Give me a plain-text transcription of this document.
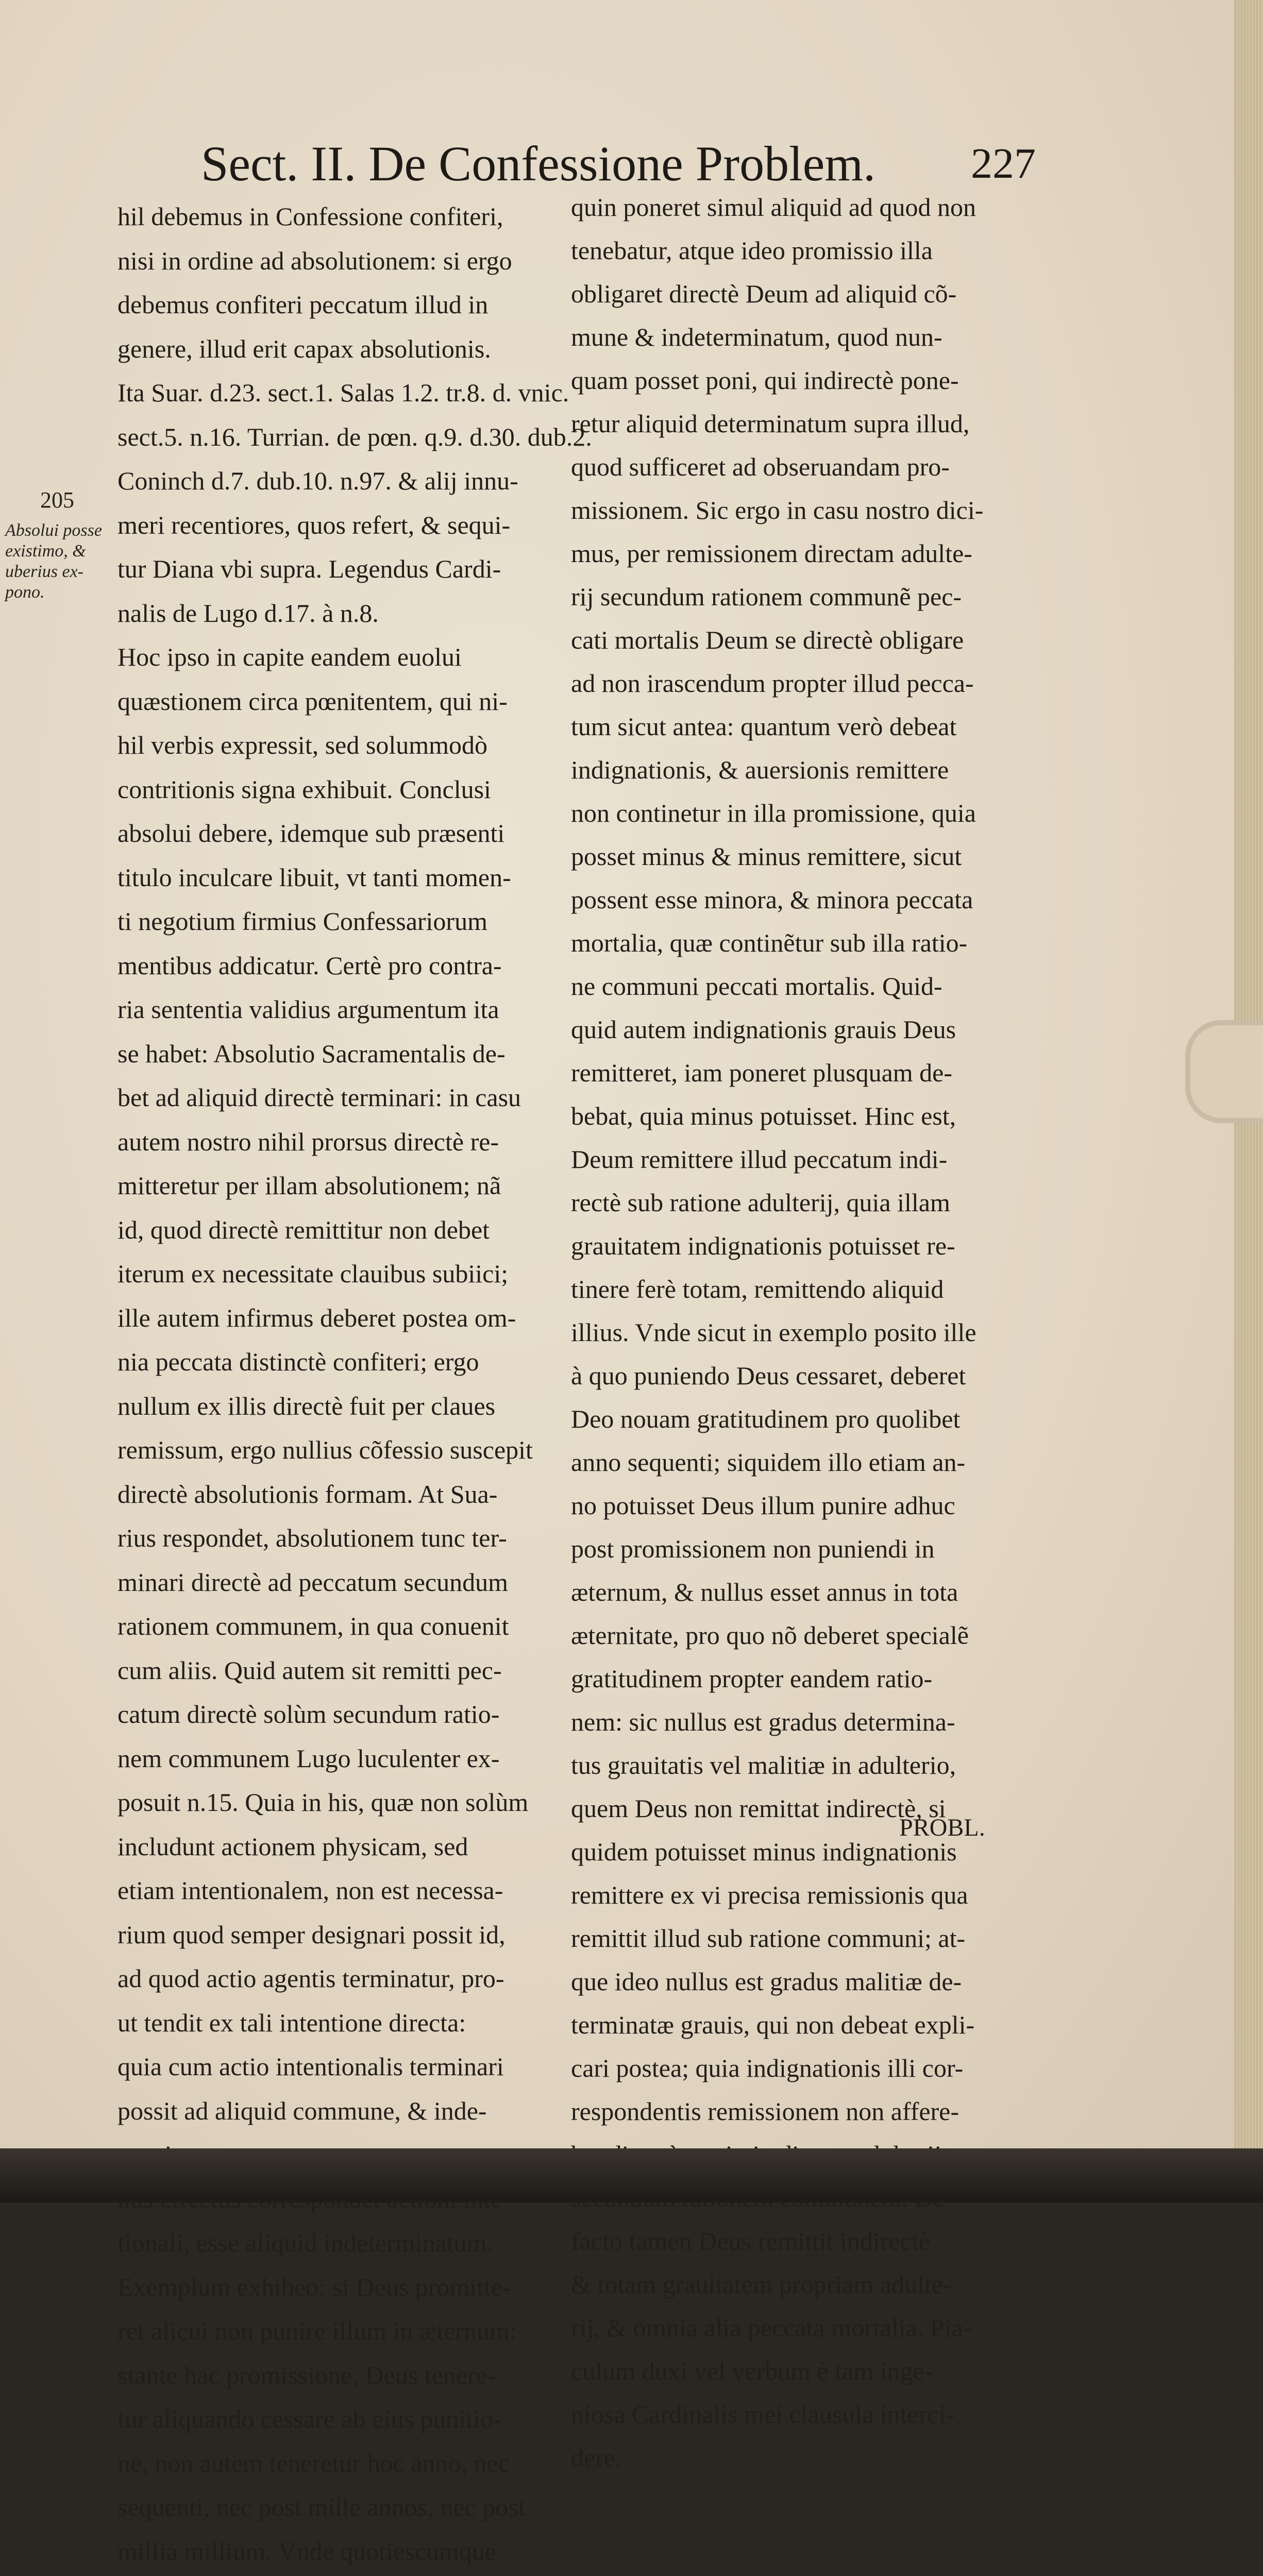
Sect. II. De Confessione Problem. 227
205
Absolui posse
existimo, &
uberius ex-
pono.
hil debemus in Confessione confiteri,
nisi in ordine ad absolutionem: si ergo
debemus confiteri peccatum illud in
genere, illud erit capax absolutionis.
Ita Suar. d.23. sect.1. Salas 1.2. tr.8. d. vnic.
sect.5. n.16. Turrian. de pœn. q.9. d.30. dub.2.
Coninch d.7. dub.10. n.97. & alij innu-
meri recentiores, quos refert, & sequi-
tur Diana vbi supra. Legendus Cardi-
nalis de Lugo d.17. à n.8.
Hoc ipso in capite eandem euolui
quæstionem circa pœnitentem, qui ni-
hil verbis expressit, sed solummodò
contritionis signa exhibuit. Conclusi
absolui debere, idemque sub præsenti
titulo inculcare libuit, vt tanti momen-
ti negotium firmius Confessariorum
mentibus addicatur. Certè pro contra-
ria sententia validius argumentum ita
se habet: Absolutio Sacramentalis de-
bet ad aliquid directè terminari: in casu
autem nostro nihil prorsus directè re-
mitteretur per illam absolutionem; nã
id, quod directè remittitur non debet
iterum ex necessitate clauibus subiici;
ille autem infirmus deberet postea om-
nia peccata distinctè confiteri; ergo
nullum ex illis directè fuit per claues
remissum, ergo nullius cõfessio suscepit
directè absolutionis formam. At Sua-
rius respondet, absolutionem tunc ter-
minari directè ad peccatum secundum
rationem communem, in qua conuenit
cum aliis. Quid autem sit remitti pec-
catum directè solùm secundum ratio-
nem communem Lugo luculenter ex-
posuit n.15. Quia in his, quæ non solùm
includunt actionem physicam, sed
etiam intentionalem, non est necessa-
rium quod semper designari possit id,
ad quod actio agentis terminatur, pro-
ut tendit ex tali intentione directa:
quia cum actio intentionalis terminari
possit ad aliquid commune, & inde-
tionali, esse aliquid indeterminatum.
Exemplum exhibeo: si Deus promitte-
ret alicui non punire illum in æternum:
stante hac promissione, Deus tenere-
tur aliquando cessare ab eius punitio-
ne, non autem teneretur hoc anno, nec
sequenti, nec post mille annos, nec post
millia millium. Vnde quotiescumque
quin poneret simul aliquid ad quod non
tenebatur, atque ideo promissio illa
obligaret directè Deum ad aliquid cõ-
mune & indeterminatum, quod nun-
quam posset poni, qui indirectè pone-
retur aliquid determinatum supra illud,
quod sufficeret ad obseruandam pro-
missionem. Sic ergo in casu nostro dici-
mus, per remissionem directam adulte-
rij secundum rationem communẽ pec-
cati mortalis Deum se directè obligare
ad non irascendum propter illud pecca-
tum sicut antea: quantum verò debeat
indignationis, & auersionis remittere
non continetur in illa promissione, quia
posset minus & minus remittere, sicut
possent esse minora, & minora peccata
mortalia, quæ continẽtur sub illa ratio-
ne communi peccati mortalis. Quid-
quid autem indignationis grauis Deus
remitteret, iam poneret plusquam de-
bebat, quia minus potuisset. Hinc est,
Deum remittere illud peccatum indi-
rectè sub ratione adulterij, quia illam
grauitatem indignationis potuisset re-
tinere ferè totam, remittendo aliquid
illius. Vnde sicut in exemplo posito ille
à quo puniendo Deus cessaret, deberet
Deo nouam gratitudinem pro quolibet
anno sequenti; siquidem illo etiam an-
no potuisset Deus illum punire adhuc
post promissionem non puniendi in
æternum, & nullus esset annus in tota
æternitate, pro quo nõ deberet specialẽ
gratitudinem propter eandem ratio-
nem: sic nullus est gradus determina-
tus grauitatis vel malitiæ in adulterio,
quem Deus non remittat indirectè, si
quidem potuisset minus indignationis
remittere ex vi precisa remissionis qua
remittit illud sub ratione communi; at-
que ideo nullus est gradus malitiæ de-
terminatæ grauis, qui non debeat expli-
cari postea; quia indignationis illi cor-
respondentis remissionem non affere-
facto tamen Deus remittit indirectè
& totam grauitatem propriam adulte-
rij, & omnia alia peccata mortalia. Pia-
culum duxi vel verbum è tam inge-
niosa Cardinalis mei clausula interci-
dere.
PROBL.
